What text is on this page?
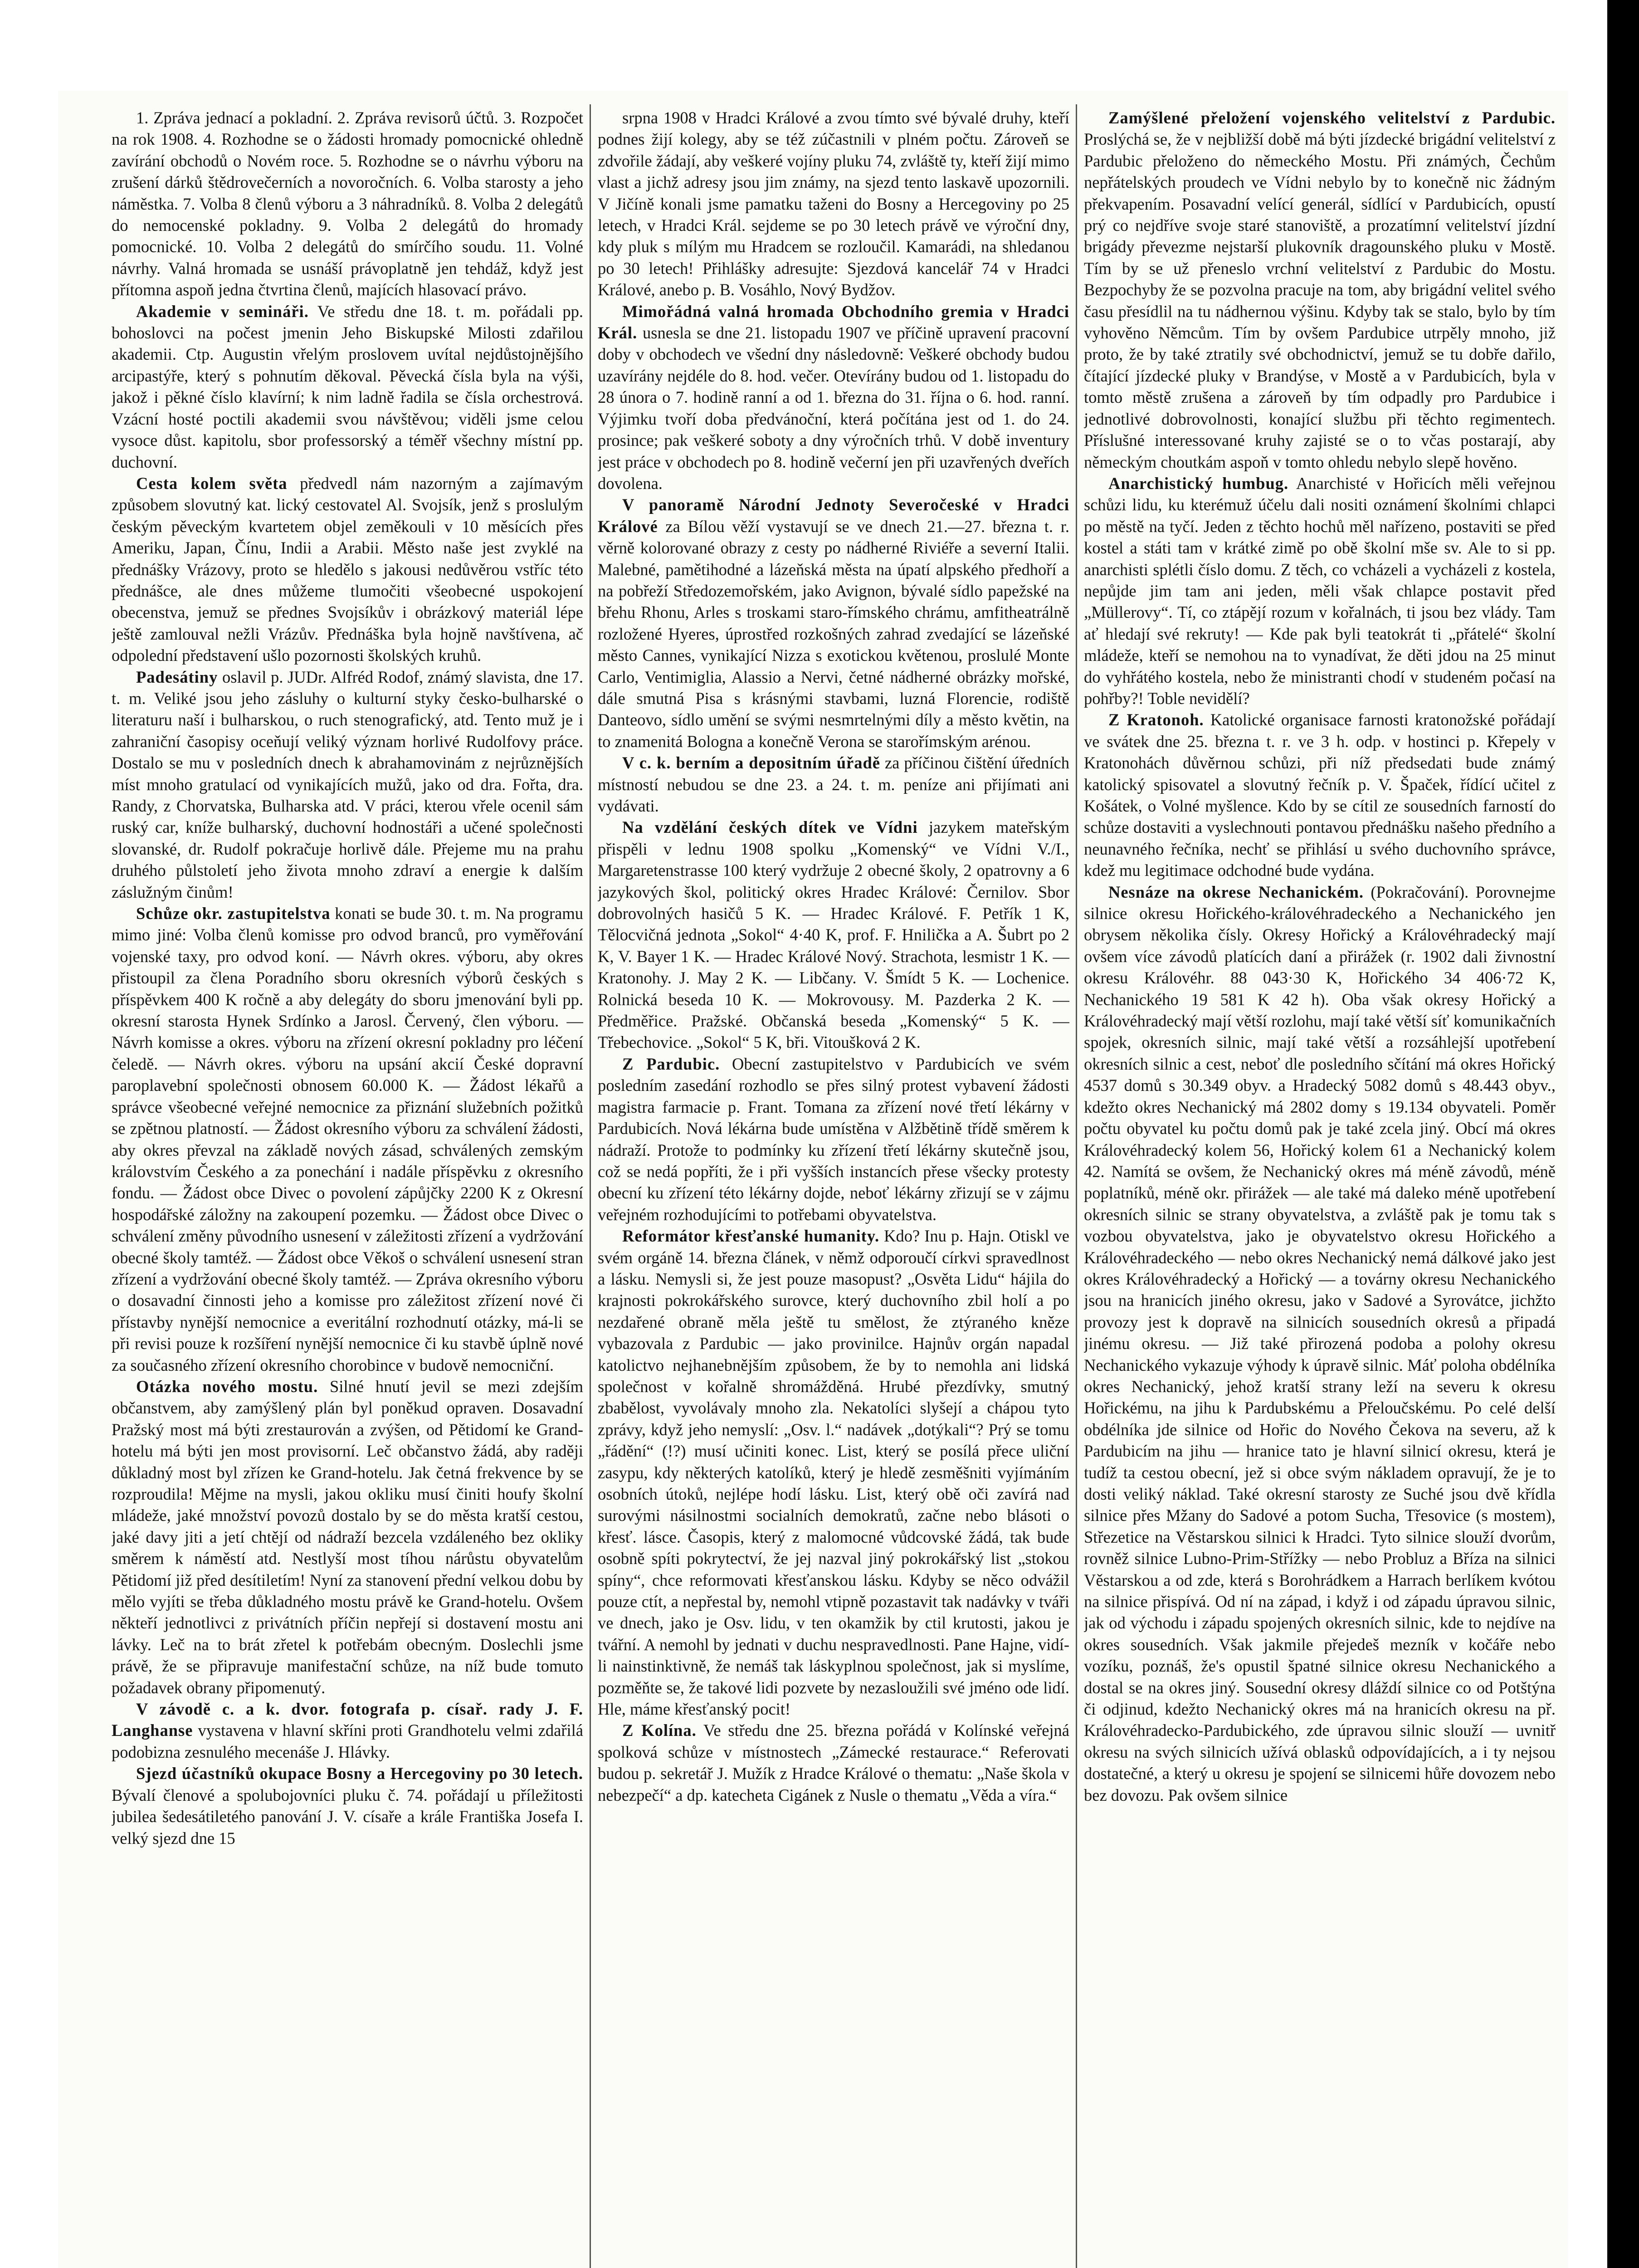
1. Zpráva jednací a pokladní. 2. Zpráva revisorů účtů. 3. Rozpočet na rok 1908. 4. Rozhodne se o žádosti hromady pomocnické ohledně zavírání obchodů o Novém roce. 5. Rozhodne se o návrhu výboru na zrušení dárků štědrovečerních a novoročních. 6. Volba starosty a jeho náměstka. 7. Volba 8 členů výboru a 3 náhradníků. 8. Volba 2 delegátů do nemocenské pokladny. 9. Volba 2 delegátů do hromady pomocnické. 10. Volba 2 delegátů do smírčího soudu. 11. Volné návrhy. Valná hromada se usnáší právoplatně jen tehdáž, když jest přítomna aspoň jedna čtvrtina členů, majících hlasovací právo.

Akademie v semináři. Ve středu dne 18. t. m. pořádali pp. bohoslovci na počest jmenin Jeho Biskupské Milosti zdařilou akademii. Ctp. Augustin vřelým proslovem uvítal nejdůstojnějšího arcipastýře, který s pohnutím děkoval. Pěvecká čísla byla na výši, jakož i pěkné číslo klavírní; k nim ladně řadila se čísla orchestrová. Vzácní hosté poctili akademii svou návštěvou; viděli jsme celou vysoce důst. kapitolu, sbor professorský a téměř všechny místní pp. duchovní.

Cesta kolem světa předvedl nám nazorným a zajímavým způsobem slovutný kat. lický cestovatel Al. Svojsík, jenž s proslulým českým pěveckým kvartetem objel zeměkouli v 10 měsících přes Ameriku, Japan, Čínu, Indii a Arabii. Město naše jest zvyklé na přednášky Vrázovy, proto se hledělo s jakousi nedůvěrou vstříc této přednášce, ale dnes můžeme tlumočiti všeobecné uspokojení obecenstva, jemuž se přednes Svojsíkův i obrázkový materiál lépe ještě zamlouval nežli Vrázův. Přednáška byla hojně navštívena, ač odpolední představení ušlo pozornosti školských kruhů.

Padesátiny oslavil p. JUDr. Alfréd Rodof, známý slavista, dne 17. t. m. Veliké jsou jeho zásluhy o kulturní styky česko-bulharské o literaturu naší i bulharskou, o ruch stenografický, atd. Tento muž je i zahraniční časopisy oceňují veliký význam horlivé Rudolfovy práce. Dostalo se mu v posledních dnech k abrahamovinám z nejrůznějších míst mnoho gratulací od vynikajících mužů, jako od dra. Fořta, dra. Randy, z Chorvatska, Bulharska atd. V práci, kterou vřele ocenil sám ruský car, kníže bulharský, duchovní hodnostáři a učené společnosti slovanské, dr. Rudolf pokračuje horlivě dále. Přejeme mu na prahu druhého půlstoletí jeho života mnoho zdraví a energie k dalším záslužným činům!

Schůze okr. zastupitelstva konati se bude 30. t. m. Na programu mimo jiné: Volba členů komisse pro odvod branců, pro vyměřování vojenské taxy, pro odvod koní. — Návrh okres. výboru, aby okres přistoupil za člena Poradního sboru okresních výborů českých s příspěvkem 400 K ročně a aby delegáty do sboru jmenování byli pp. okresní starosta Hynek Srdínko a Jarosl. Červený, člen výboru. — Návrh komisse a okres. výboru na zřízení okresní pokladny pro léčení čeledě. — Návrh okres. výboru na upsání akcií České dopravní paroplavební společnosti obnosem 60.000 K. — Žádost lékařů a správce všeobecné veřejné nemocnice za přiznání služebních požitků se zpětnou platností. — Žádost okresního výboru za schválení žádosti, aby okres převzal na základě nových zásad, schválených zemským královstvím Českého a za ponechání i nadále příspěvku z okresního fondu. — Žádost obce Divec o povolení zápůjčky 2200 K z Okresní hospodářské záložny na zakoupení pozemku. — Žádost obce Divec o schválení změny původního usnesení v záležitosti zřízení a vydržování obecné školy tamtéž. — Žádost obce Věkoš o schválení usnesení stran zřízení a vydržování obecné školy tamtéž. — Zpráva okresního výboru o dosavadní činnosti jeho a komisse pro záležitost zřízení nové či přístavby nynější nemocnice a everitální rozhodnutí otázky, má-li se při revisi pouze k rozšíření nynější nemocnice či ku stavbě úplně nové za současného zřízení okresního chorobince v budově nemocniční.

Otázka nového mostu. Silné hnutí jevil se mezi zdejším občanstvem, aby zamýšlený plán byl poněkud opraven. Dosavadní Pražský most má býti zrestaurován a zvýšen, od Pětidomí ke Grand-hotelu má býti jen most provisorní. Leč občanstvo žádá, aby raději důkladný most byl zřízen ke Grand-hotelu. Jak četná frekvence by se rozproudila! Mějme na mysli, jakou okliku musí činiti houfy školní mládeže, jaké množství povozů dostalo by se do města kratší cestou, jaké davy jiti a jetí chtějí od nádraží bezcela vzdáleného bez okliky směrem k náměstí atd. Nestlyší most tíhou nárůstu obyvatelům Pětidomí již před desítiletím! Nyní za stanovení přední velkou dobu by mělo vyjíti se třeba důkladného mostu právě ke Grand-hotelu. Ovšem někteří jednotlivci z privátních příčin nepřejí si dostavení mostu ani lávky. Leč na to brát zřetel k potřebám obecným. Doslechli jsme právě, že se připravuje manifestační schůze, na níž bude tomuto požadavek obrany připomenutý.

V závodě c. a k. dvor. fotografa p. císař. rady J. F. Langhanse vystavena v hlavní skříni proti Grandhotelu velmi zdařilá podobizna zesnulého mecenáše J. Hlávky.

Sjezd účastníků okupace Bosny a Hercegoviny po 30 letech. Bývalí členové a spolubojovníci pluku č. 74. pořádají u příležitosti jubilea šedesátiletého panování J. V. císaře a krále Františka Josefa I. velký sjezd dne 15

srpna 1908 v Hradci Králové a zvou tímto své bývalé druhy, kteří podnes žijí kolegy, aby se též zúčastnili v plném počtu. Zároveň se zdvořile žádají, aby veškeré vojíny pluku 74, zvláště ty, kteří žijí mimo vlast a jichž adresy jsou jim známy, na sjezd tento laskavě upozornili. V Jičíně konali jsme pamatku taženi do Bosny a Hercegoviny po 25 letech, v Hradci Král. sejdeme se po 30 letech právě ve výroční dny, kdy pluk s mílým mu Hradcem se rozloučil. Kamarádi, na shledanou po 30 letech! Přihlášky adresujte: Sjezdová kancelář 74 v Hradci Králové, anebo p. B. Vosáhlo, Nový Bydžov.

Mimořádná valná hromada Obchodního gremia v Hradci Král. usnesla se dne 21. listopadu 1907 ve příčině upravení pracovní doby v obchodech ve všední dny následovně: Veškeré obchody budou uzavírány nejdéle do 8. hod. večer. Otevírány budou od 1. listopadu do 28 února o 7. hodině ranní a od 1. března do 31. října o 6. hod. ranní. Výjimku tvoří doba předvánoční, která počítána jest od 1. do 24. prosince; pak veškeré soboty a dny výročních trhů. V době inventury jest práce v obchodech po 8. hodině večerní jen při uzavřených dveřích dovolena.

V panoramě Národní Jednoty Severočeské v Hradci Králové za Bílou věží vystavují se ve dnech 21.—27. března t. r. věrně kolorované obrazy z cesty po nádherné Riviéře a severní Italii. Malebné, pamětihodné a lázeňská města na úpatí alpského předhoří a na pobřeží Středozemořském, jako Avignon, bývalé sídlo papežské na břehu Rhonu, Arles s troskami staro-římského chrámu, amfitheatrálně rozložené Hyeres, úprostřed rozkošných zahrad zvedající se lázeňské město Cannes, vynikající Nizza s exotickou květenou, proslulé Monte Carlo, Ventimiglia, Alassio a Nervi, četné nádherné obrázky mořské, dále smutná Pisa s krásnými stavbami, luzná Florencie, rodiště Danteovo, sídlo umění se svými nesmrtelnými díly a město květin, na to znamenitá Bologna a konečně Verona se starořímským arénou.

V c. k. berním a depositním úřadě za příčinou čištění úředních místností nebudou se dne 23. a 24. t. m. peníze ani přijímati ani vydávati.

Na vzdělání českých dítek ve Vídni jazykem mateřským přispěli v lednu 1908 spolku „Komenský“ ve Vídni V./I., Margaretenstrasse 100 který vydržuje 2 obecné školy, 2 opatrovny a 6 jazykových škol, politický okres Hradec Králové: Černilov. Sbor dobrovolných hasičů 5 K. — Hradec Králové. F. Petřík 1 K, Tělocvičná jednota „Sokol“ 4·40 K, prof. F. Hnilička a A. Šubrt po 2 K, V. Bayer 1 K. — Hradec Králové Nový. Strachota, lesmistr 1 K. — Kratonohy. J. May 2 K. — Libčany. V. Šmídt 5 K. — Lochenice. Rolnická beseda 10 K. — Mokrovousy. M. Pazderka 2 K. — Předměřice. Pražské. Občanská beseda „Komenský“ 5 K. — Třebechovice. „Sokol“ 5 K, bři. Vitoušková 2 K.

Z Pardubic. Obecní zastupitelstvo v Pardubicích ve svém posledním zasedání rozhodlo se přes silný protest vybavení žádosti magistra farmacie p. Frant. Tomana za zřízení nové třetí lékárny v Pardubicích. Nová lékárna bude umístěna v Alžbětině třídě směrem k nádraží. Protože to podmínky ku zřízení třetí lékárny skutečně jsou, což se nedá popříti, že i při vyšších instancích přese všecky protesty obecní ku zřízení této lékárny dojde, neboť lékárny zřizují se v zájmu veřejném rozhodujícími to potřebami obyvatelstva.

Reformátor křesťanské humanity. Kdo? Inu p. Hajn. Otiskl ve svém orgáně 14. března článek, v němž odporoučí církvi spravedlnost a lásku. Nemysli si, že jest pouze masopust? „Osvěta Lidu“ hájila do krajnosti pokrokářského surovce, který duchovního zbil holí a po nezdařené obraně měla ještě tu smělost, že ztýraného kněze vybazovala z Pardubic — jako provinilce. Hajnův orgán napadal katolictvo nejhanebnějším způsobem, že by to nemohla ani lidská společnost v kořalně shromážděná. Hrubé přezdívky, smutný zbabělost, vyvolávaly mnoho zla. Nekatolíci slyšejí a chápou tyto zprávy, když jeho nemyslí: „Osv. l.“ nadávek „dotýkali“? Prý se tomu „řádění“ (!?) musí učiniti konec. List, který se posílá přece uliční zasypu, kdy některých katolíků, který je hledě zesměšniti vyjímáním osobních útoků, nejlépe hodí lásku. List, který obě oči zavírá nad surovými násilnostmi socialních demokratů, začne nebo blásoti o křesť. lásce. Časopis, který z malomocné vůdcovské žádá, tak bude osobně spíti pokrytectví, že jej nazval jiný pokrokářský list „stokou spíny“, chce reformovati křesťanskou lásku. Kdyby se něco odvážil pouze ctít, a nepřestal by, nemohl vtipně pozastavit tak nadávky v tváři ve dnech, jako je Osv. lidu, v ten okamžik by ctil krutosti, jakou je tvářní. A nemohl by jednati v duchu nespravedlnosti. Pane Hajne, vidí-li nainstinktivně, že nemáš tak láskyplnou společnost, jak si myslíme, pozměňte se, že takové lidi pozvete by nezasloužili své jméno ode lidí. Hle, máme křesťanský pocit!

Z Kolína. Ve středu dne 25. března pořádá v Kolínské veřejná spolková schůze v místnostech „Zámecké restaurace.“ Referovati budou p. sekretář J. Mužík z Hradce Králové o thematu: „Naše škola v nebezpečí“ a dp. katecheta Cigánek z Nusle o thematu „Věda a víra.“

Zamýšlené přeložení vojenského velitelství z Pardubic. Proslýchá se, že v nejbližší době má býti jízdecké brigádní velitelství z Pardubic přeloženo do německého Mostu. Při známých, Čechům nepřátelských proudech ve Vídni nebylo by to konečně nic žádným překvapením. Posavadní velící generál, sídlící v Pardubicích, opustí prý co nejdříve svoje staré stanoviště, a prozatímní velitelství jízdní brigády převezme nejstarší plukovník dragounského pluku v Mostě. Tím by se už přeneslo vrchní velitelství z Pardubic do Mostu. Bezpochyby že se pozvolna pracuje na tom, aby brigádní velitel svého času přesídlil na tu nádhernou výšinu. Kdyby tak se stalo, bylo by tím vyhověno Němcům. Tím by ovšem Pardubice utrpěly mnoho, již proto, že by také ztratily své obchodnictví, jemuž se tu dobře dařilo, čítající jízdecké pluky v Brandýse, v Mostě a v Pardubicích, byla v tomto městě zrušena a zároveň by tím odpadly pro Pardubice i jednotlivé dobrovolnosti, konající službu při těchto regimentech. Příslušné interessované kruhy zajisté se o to včas postarají, aby německým choutkám aspoň v tomto ohledu nebylo slepě hověno.

Anarchistický humbug. Anarchisté v Hořicích měli veřejnou schůzi lidu, ku kterémuž účelu dali nositi oznámení školními chlapci po městě na tyčí. Jeden z těchto hochů měl nařízeno, postaviti se před kostel a státi tam v krátké zimě po obě školní mše sv. Ale to si pp. anarchisti splétli číslo domu. Z těch, co vcházeli a vycházeli z kostela, nepůjde jim tam ani jeden, měli však chlapce postavit před „Müllerovy“. Tí, co ztápějí rozum v kořalnách, ti jsou bez vlády. Tam ať hledají své rekruty! — Kde pak byli teatokrát ti „přátelé“ školní mládeže, kteří se nemohou na to vynadívat, že děti jdou na 25 minut do vyhřátého kostela, nebo že ministranti chodí v studeném počasí na pohřby?! Toble nevidělí?

Z Kratonoh. Katolické organisace farnosti kratonožské pořádají ve svátek dne 25. března t. r. ve 3 h. odp. v hostinci p. Křepely v Kratonohách důvěrnou schůzi, při níž předsedati bude známý katolický spisovatel a slovutný řečník p. V. Špaček, řídící učitel z Košátek, o Volné myšlence. Kdo by se cítil ze sousedních farností do schůze dostaviti a vyslechnouti pontavou přednášku našeho předního a neunavného řečníka, nechť se přihlásí u svého duchovního správce, kdež mu legitimace odchodné bude vydána.

Nesnáze na okrese Nechanickém. (Pokračování). Porovnejme silnice okresu Hořického-královéhradeckého a Nechanického jen obrysem několika čísly. Okresy Hořický a Královéhradecký mají ovšem více závodů platících daní a přirážek (r. 1902 dali živnostní okresu Královéhr. 88 043·30 K, Hořického 34 406·72 K, Nechanického 19 581 K 42 h). Oba však okresy Hořický a Královéhradecký mají větší rozlohu, mají také větší síť komunikačních spojek, okresních silnic, mají také větší a rozsáhlejší upotřebení okresních silnic a cest, neboť dle posledního sčítání má okres Hořický 4537 domů s 30.349 obyv. a Hradecký 5082 domů s 48.443 obyv., kdežto okres Nechanický má 2802 domy s 19.134 obyvateli. Poměr počtu obyvatel ku počtu domů pak je také zcela jiný. Obcí má okres Královéhradecký kolem 56, Hořický kolem 61 a Nechanický kolem 42. Namítá se ovšem, že Nechanický okres má méně závodů, méně poplatníků, méně okr. přirážek — ale také má daleko méně upotřebení okresních silnic se strany obyvatelstva, a zvláště pak je tomu tak s vozbou obyvatelstva, jako je obyvatelstvo okresu Hořického a Královéhradeckého — nebo okres Nechanický nemá dálkové jako jest okres Královéhradecký a Hořický — a továrny okresu Nechanického jsou na hranicích jiného okresu, jako v Sadové a Syrovátce, jichžto provozy jest k dopravě na silnicích sousedních okresů a připadá jinému okresu. — Již také přirozená podoba a polohy okresu Nechanického vykazuje výhody k úpravě silnic. Máť poloha obdélníka okres Nechanický, jehož kratší strany leží na severu k okresu Hořickému, na jihu k Pardubskému a Přeloučskému. Po celé delší obdélníka jde silnice od Hořic do Nového Čekova na severu, až k Pardubicím na jihu — hranice tato je hlavní silnicí okresu, která je tudíž ta cestou obecní, jež si obce svým nákladem opravují, že je to dosti veliký náklad. Také okresní starosty ze Suché jsou dvě křídla silnice přes Mžany do Sadové a potom Sucha, Třesovice (s mostem), Střezetice na Věstarskou silnici k Hradci. Tyto silnice slouží dvorům, rovněž silnice Lubno-Prim-Střížky — nebo Probluz a Bříza na silnici Věstarskou a od zde, která s Borohrádkem a Harrach berlíkem kvótou na silnice přispívá. Od ní na západ, i když i od západu úpravou silnic, jak od východu i západu spojených okresních silnic, kde to nejdíve na okres sousedních. Však jakmile přejedeš mezník v kočáře nebo vozíku, poznáš, že's opustil špatné silnice okresu Nechanického a dostal se na okres jiný. Sousední okresy dláždí silnice co od Potštýna či odjinud, kdežto Nechanický okres má na hranicích okresu na př. Královéhradecko-Pardubického, zde úpravou silnic slouží — uvnitř okresu na svých silnicích užívá oblasků odpovídajících, a i ty nejsou dostatečné, a který u okresu je spojení se silnicemi hůře dovozem nebo bez dovozu. Pak ovšem silnice
